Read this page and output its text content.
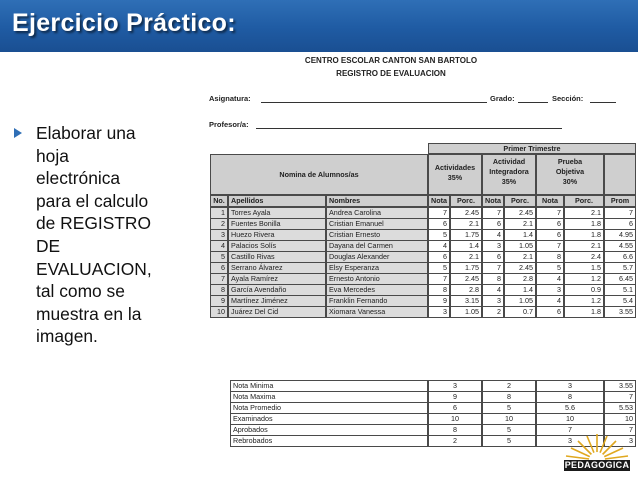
Ejercicio Práctico:
Elaborar una
hoja
electrónica
para el calculo
de REGISTRO
DE
EVALUACION,
tal como se
muestra en la
imagen.
CENTRO ESCOLAR CANTON SAN BARTOLO
REGISTRO DE EVALUACION
Asignatura:	Grado:	Sección:
Profesor/a:
Primer Trimestre
Nomina de Alumnos/as
Actividades
35%
Actividad
Integradora
35%
Prueba
Objetiva
30%
No. Apellidos	Nombres	Nota	Porc.	Nota	Porc.	Nota	Porc.	Prom
1 Torres Ayala	Andrea Carolina	7	2.45	7	2.45	7	2.1	7
2 Fuentes Bonilla	Cristian Emanuel	6	2.1	6	2.1	6	1.8	6
3 Huezo Rivera	Cristian Ernesto	5	1.75	4	1.4	6	1.8	4.95
4 Palacios Solís	Dayana del Carmen	4	1.4	3	1.05	7	2.1	4.55
5 Castillo Rivas	Douglas Alexander	6	2.1	6	2.1	8	2.4	6.6
6 Serrano Álvarez	Elsy Esperanza	5	1.75	7	2.45	5	1.5	5.7
7 Ayala Ramírez	Ernesto Antonio	7	2.45	8	2.8	4	1.2	6.45
8 García Avendaño	Eva Mercedes	8	2.8	4	1.4	3	0.9	5.1
9 Martínez Jiménez	Franklin Fernando	9	3.15	3	1.05	4	1.2	5.4
10 Juárez Del Cid	Xiomara Vanessa	3	1.05	2	0.7	6	1.8	3.55
Nota Minima	3	2	3	3.55
Nota Maxima	9	8	8	7
Nota Promedio	6	5	5.6	5.53
Examinados	10	10	10	10
Aprobados	8	5	7	7
Rebrobados	2	5	3	3
PEDAGOGICA
